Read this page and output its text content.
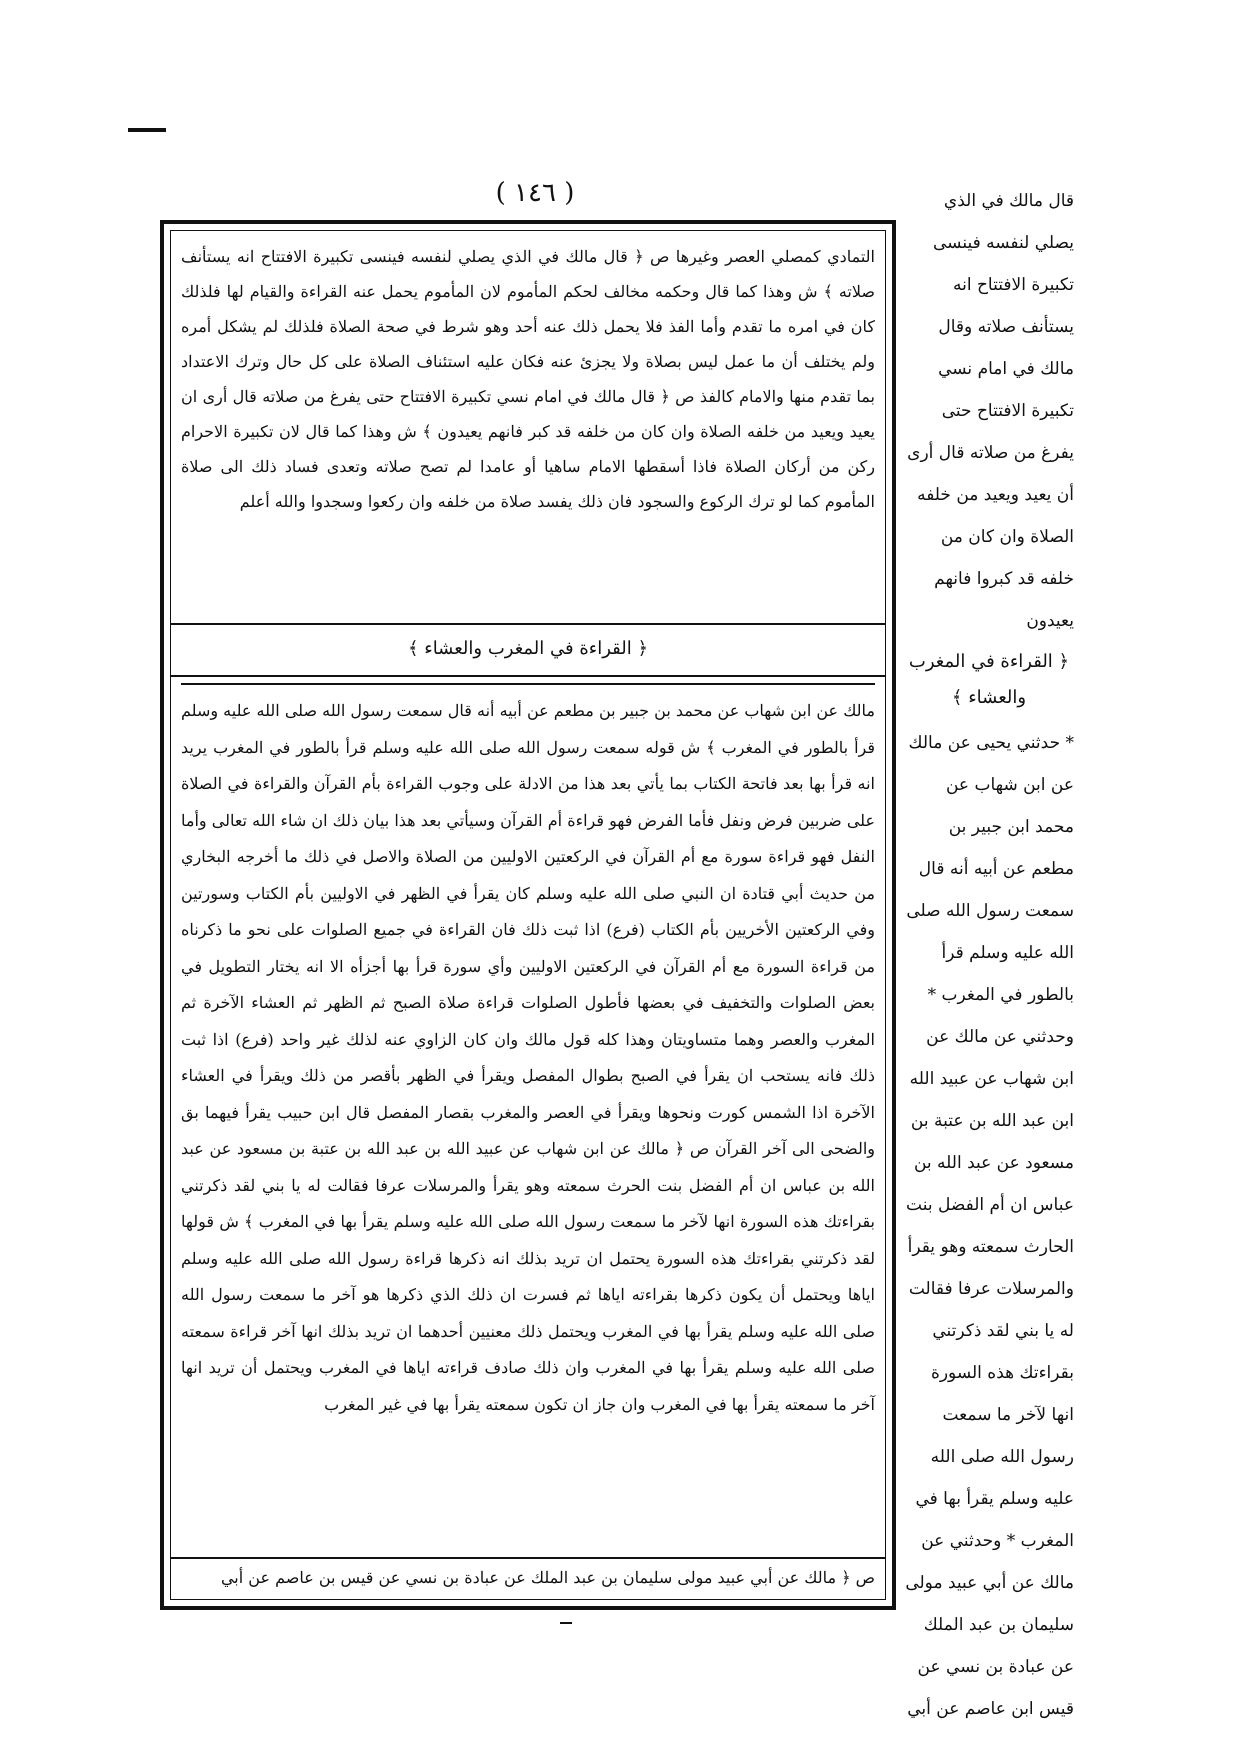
( ١٤٦ )
التمادي كمصلي العصر وغيرها ص ﴿ قال مالك في الذي يصلي لنفسه فينسى تكبيرة الافتتاح انه يستأنف صلاته ﴾ ش وهذا كما قال وحكمه مخالف لحكم المأموم لان المأموم يحمل عنه القراءة والقيام لها فلذلك كان في امره ما تقدم وأما الفذ فلا يحمل ذلك عنه أحد وهو شرط في صحة الصلاة فلذلك لم يشكل أمره ولم يختلف أن ما عمل ليس بصلاة ولا يجزئ عنه فكان عليه استئناف الصلاة على كل حال وترك الاعتداد بما تقدم منها والامام كالفذ ص ﴿ قال مالك في امام نسي تكبيرة الافتتاح حتى يفرغ من صلاته قال أرى ان يعيد ويعيد من خلفه الصلاة وان كان من خلفه قد كبر فانهم يعيدون ﴾ ش وهذا كما قال لان تكبيرة الاحرام ركن من أركان الصلاة فاذا أسقطها الامام ساهيا أو عامدا لم تصح صلاته وتعدى فساد ذلك الى صلاة المأموم كما لو ترك الركوع والسجود فان ذلك يفسد صلاة من خلفه وان ركعوا وسجدوا والله أعلم
﴿ القراءة في المغرب والعشاء ﴾
مالك عن ابن شهاب عن محمد بن جبير بن مطعم عن أبيه أنه قال سمعت رسول الله صلى الله عليه وسلم قرأ بالطور في المغرب ﴾ ش قوله سمعت رسول الله صلى الله عليه وسلم قرأ بالطور في المغرب يريد انه قرأ بها بعد فاتحة الكتاب بما يأتي بعد هذا من الادلة على وجوب القراءة بأم القرآن والقراءة في الصلاة على ضربين فرض ونفل فأما الفرض فهو قراءة أم القرآن وسيأتي بعد هذا بيان ذلك ان شاء الله تعالى وأما النفل فهو قراءة سورة مع أم القرآن في الركعتين الاوليين من الصلاة والاصل في ذلك ما أخرجه البخاري من حديث أبي قتادة ان النبي صلى الله عليه وسلم كان يقرأ في الظهر في الاوليين بأم الكتاب وسورتين وفي الركعتين الأخريين بأم الكتاب (فرع) اذا ثبت ذلك فان القراءة في جميع الصلوات على نحو ما ذكرناه من قراءة السورة مع أم القرآن في الركعتين الاوليين وأي سورة قرأ بها أجزأه الا انه يختار التطويل في بعض الصلوات والتخفيف في بعضها فأطول الصلوات قراءة صلاة الصبح ثم الظهر ثم العشاء الآخرة ثم المغرب والعصر وهما متساويتان وهذا كله قول مالك وان كان الزاوي عنه لذلك غير واحد (فرع) اذا ثبت ذلك فانه يستحب ان يقرأ في الصبح بطوال المفصل ويقرأ في الظهر بأقصر من ذلك ويقرأ في العشاء الآخرة اذا الشمس كورت ونحوها ويقرأ في العصر والمغرب بقصار المفصل قال ابن حبيب يقرأ فيهما بق والضحى الى آخر القرآن ص ﴿ مالك عن ابن شهاب عن عبيد الله بن عبد الله بن عتبة بن مسعود عن عبد الله بن عباس ان أم الفضل بنت الحرث سمعته وهو يقرأ والمرسلات عرفا فقالت له يا بني لقد ذكرتني بقراءتك هذه السورة انها لآخر ما سمعت رسول الله صلى الله عليه وسلم يقرأ بها في المغرب ﴾ ش قولها لقد ذكرتني بقراءتك هذه السورة يحتمل ان تريد بذلك انه ذكرها قراءة رسول الله صلى الله عليه وسلم اياها ويحتمل أن يكون ذكرها بقراءته اياها ثم فسرت ان ذلك الذي ذكرها هو آخر ما سمعت رسول الله صلى الله عليه وسلم يقرأ بها في المغرب ويحتمل ذلك معنيين أحدهما ان تريد بذلك انها آخر قراءة سمعته صلى الله عليه وسلم يقرأ بها في المغرب وان ذلك صادف قراءته اياها في المغرب ويحتمل أن تريد انها آخر ما سمعته يقرأ بها في المغرب وان جاز ان تكون سمعته يقرأ بها في غير المغرب
ص ﴿ مالك عن أبي عبيد مولى سليمان بن عبد الملك عن عبادة بن نسي عن قيس بن عاصم عن أبي

قال مالك في الذي يصلي لنفسه فينسى تكبيرة الافتتاح انه يستأنف صلاته وقال مالك في امام نسي تكبيرة الافتتاح حتى يفرغ من صلاته قال أرى أن يعيد ويعيد من خلفه الصلاة وان كان من خلفه قد كبروا فانهم يعيدون

﴿ القراءة في المغرب والعشاء ﴾

* حدثني يحيى عن مالك عن ابن شهاب عن محمد ابن جبير بن مطعم عن أبيه أنه قال سمعت رسول الله صلى الله عليه وسلم قرأ بالطور في المغرب * وحدثني عن مالك عن ابن شهاب عن عبيد الله ابن عبد الله بن عتبة بن مسعود عن عبد الله بن عباس ان أم الفضل بنت الحارث سمعته وهو يقرأ والمرسلات عرفا فقالت له يا بني لقد ذكرتني بقراءتك هذه السورة انها لآخر ما سمعت رسول الله صلى الله عليه وسلم يقرأ بها في المغرب * وحدثني عن مالك عن أبي عبيد مولى سليمان بن عبد الملك عن عبادة بن نسي عن قيس ابن عاصم عن أبي
